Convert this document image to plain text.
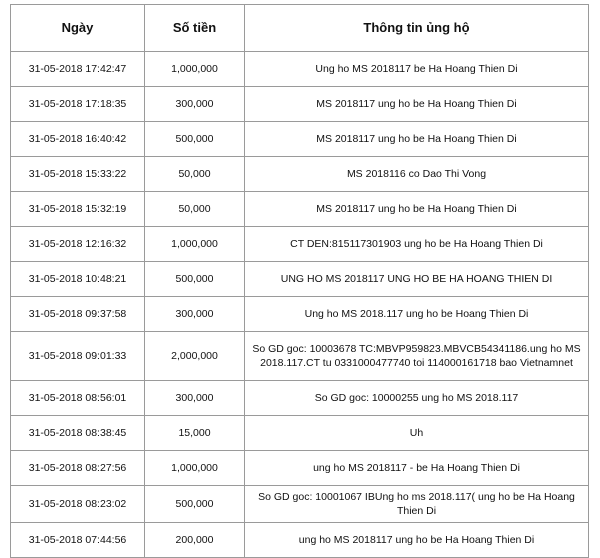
Ngày	Số tiền	Thông tin ủng hộ
31-05-2018 17:42:47	1,000,000	Ung ho MS 2018117 be Ha Hoang Thien Di
31-05-2018 17:18:35	300,000	MS 2018117 ung ho be Ha Hoang Thien Di
31-05-2018 16:40:42	500,000	MS 2018117 ung ho be Ha Hoang Thien Di
31-05-2018 15:33:22	50,000	MS 2018116 co Dao Thi Vong
31-05-2018 15:32:19	50,000	MS 2018117 ung ho be Ha Hoang Thien Di
31-05-2018 12:16:32	1,000,000	CT DEN:815117301903 ung ho be Ha Hoang Thien Di
31-05-2018 10:48:21	500,000	UNG HO MS 2018117 UNG HO BE HA HOANG THIEN DI
31-05-2018 09:37:58	300,000	Ung ho MS 2018.117 ung ho be Hoang Thien Di
31-05-2018 09:01:33	2,000,000	So GD goc: 10003678 TC:MBVP959823.MBVCB54341186.ung ho MS 2018.117.CT tu 0331000477740 toi 114000161718 bao Vietnamnet
31-05-2018 08:56:01	300,000	So GD goc: 10000255 ung ho MS 2018.117
31-05-2018 08:38:45	15,000	Uh
31-05-2018 08:27:56	1,000,000	ung ho MS 2018117 - be Ha Hoang Thien Di
31-05-2018 08:23:02	500,000	So GD goc: 10001067 IBUng ho ms 2018.117( ung ho be Ha Hoang Thien Di
31-05-2018 07:44:56	200,000	ung ho MS 2018117 ung ho be Ha Hoang Thien Di
